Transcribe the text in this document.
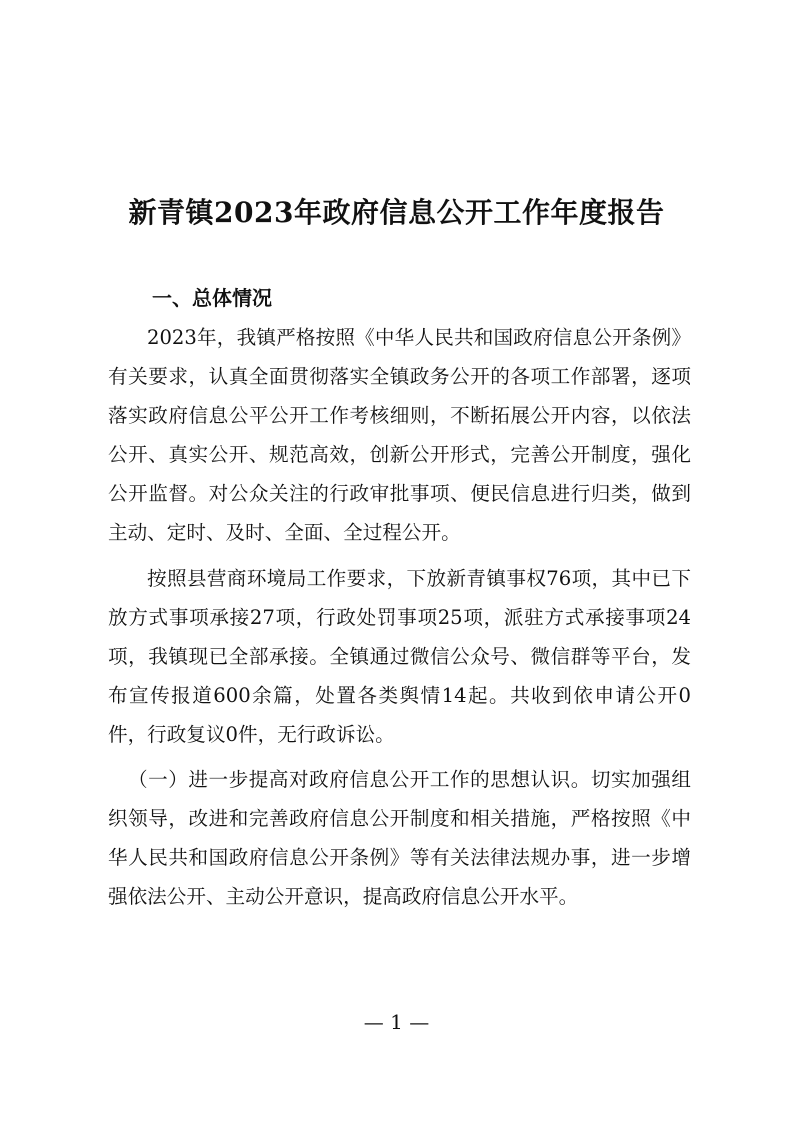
新青镇2023年政府信息公开工作年度报告
一、总体情况

2023年，我镇严格按照《中华人民共和国政府信息公开条例》有关要求，认真全面贯彻落实全镇政务公开的各项工作部署，逐项落实政府信息公平公开工作考核细则，不断拓展公开内容，以依法公开、真实公开、规范高效，创新公开形式，完善公开制度，强化公开监督。对公众关注的行政审批事项、便民信息进行归类，做到主动、定时、及时、全面、全过程公开。

按照县营商环境局工作要求，下放新青镇事权76项，其中已下放方式事项承接27项，行政处罚事项25项，派驻方式承接事项24项，我镇现已全部承接。全镇通过微信公众号、微信群等平台，发布宣传报道600余篇，处置各类舆情14起。共收到依申请公开0件，行政复议0件，无行政诉讼。

（一）进一步提高对政府信息公开工作的思想认识。切实加强组织领导，改进和完善政府信息公开制度和相关措施，严格按照《中华人民共和国政府信息公开条例》等有关法律法规办事，进一步增强依法公开、主动公开意识，提高政府信息公开水平。

— 1 —
